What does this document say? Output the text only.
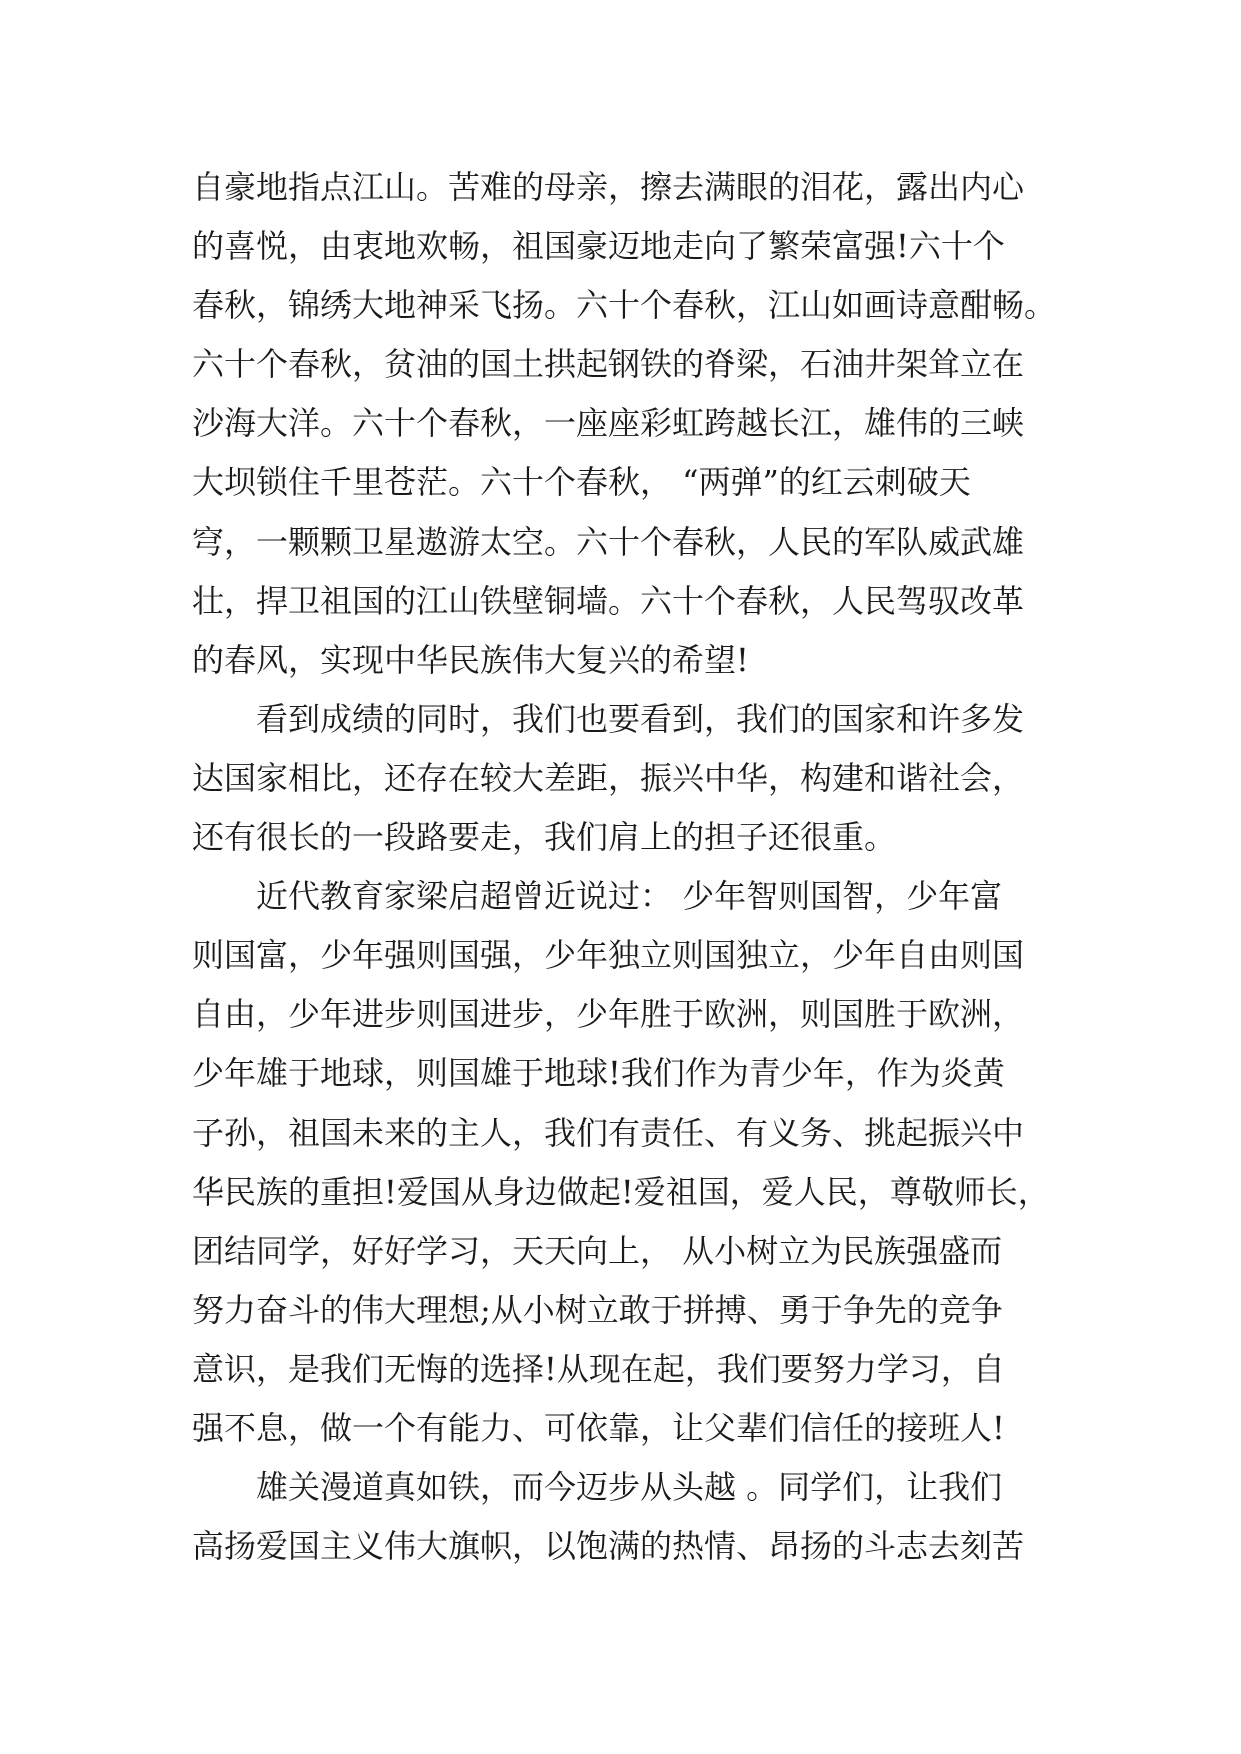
自豪地指点江山。苦难的母亲，擦去满眼的泪花，露出内心
的喜悦，由衷地欢畅，祖国豪迈地走向了繁荣富强!六十个
春秋，锦绣大地神采飞扬。六十个春秋，江山如画诗意酣畅。
六十个春秋，贫油的国土拱起钢铁的脊梁，石油井架耸立在
沙海大洋。六十个春秋，一座座彩虹跨越长江，雄伟的三峡
大坝锁住千里苍茫。六十个春秋， “两弹”的红云刺破天
穹，一颗颗卫星遨游太空。六十个春秋，人民的军队威武雄
壮，捍卫祖国的江山铁壁铜墙。六十个春秋，人民驾驭改革
的春风，实现中华民族伟大复兴的希望!
　　看到成绩的同时，我们也要看到，我们的国家和许多发
达国家相比，还存在较大差距，振兴中华，构建和谐社会，
还有很长的一段路要走，我们肩上的担子还很重。
　　近代教育家梁启超曾近说过： 少年智则国智，少年富
则国富，少年强则国强，少年独立则国独立，少年自由则国
自由，少年进步则国进步，少年胜于欧洲，则国胜于欧洲，
少年雄于地球，则国雄于地球!我们作为青少年，作为炎黄
子孙，祖国未来的主人，我们有责任、有义务、挑起振兴中
华民族的重担!爱国从身边做起!爱祖国，爱人民，尊敬师长，
团结同学，好好学习，天天向上， 从小树立为民族强盛而
努力奋斗的伟大理想;从小树立敢于拼搏、勇于争先的竞争
意识，是我们无悔的选择!从现在起，我们要努力学习，自
强不息，做一个有能力、可依靠，让父辈们信任的接班人!
　　雄关漫道真如铁，而今迈步从头越 。同学们，让我们
高扬爱国主义伟大旗帜，以饱满的热情、昂扬的斗志去刻苦
